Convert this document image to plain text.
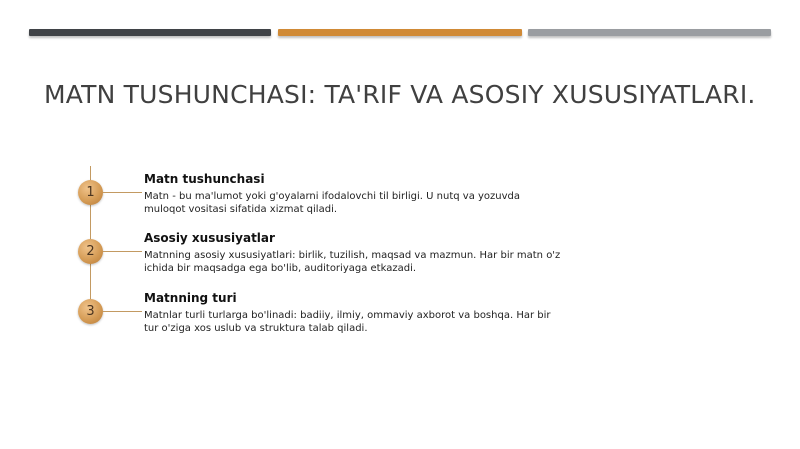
MATN TUSHUNCHASI: TA'RIF VA ASOSIY XUSUSIYATLARI.
1
Matn tushunchasi
Matn - bu ma'lumot yoki g'oyalarni ifodalovchi til birligi. U nutq va yozuvda muloqot vositasi sifatida xizmat qiladi.
2
Asosiy xususiyatlar
Matnning asosiy xususiyatlari: birlik, tuzilish, maqsad va mazmun. Har bir matn o'z ichida bir maqsadga ega bo'lib, auditoriyaga etkazadi.
3
Matnning turi
Matnlar turli turlarga bo'linadi: badiiy, ilmiy, ommaviy axborot va boshqa. Har bir tur o'ziga xos uslub va struktura talab qiladi.
